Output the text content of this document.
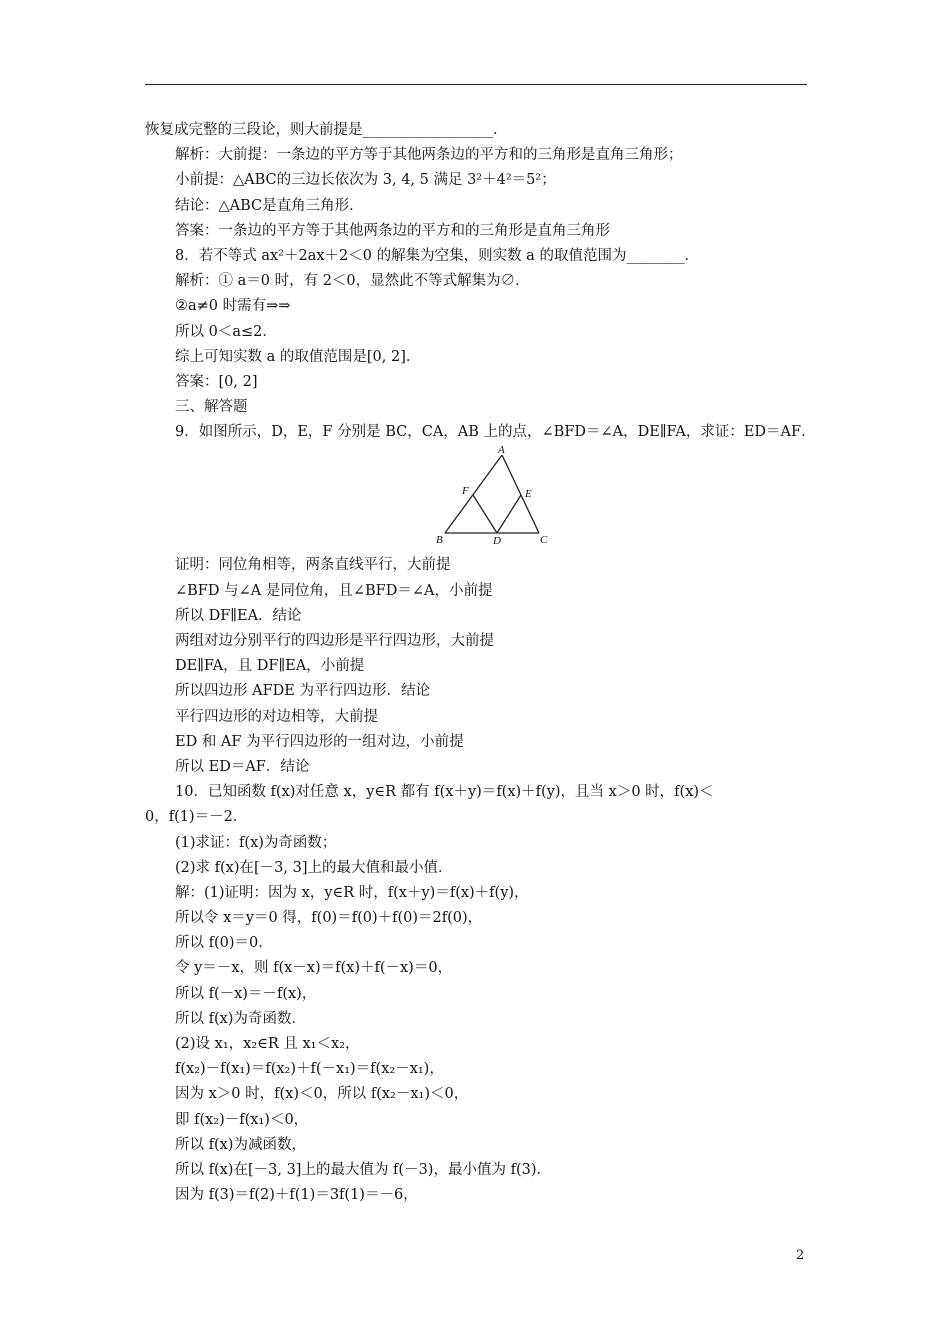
恢复成完整的三段论，则大前提是__________________．
解析：大前提：一条边的平方等于其他两条边的平方和的三角形是直角三角形；
小前提：△ABC的三边长依次为 3, 4, 5 满足 3²＋4²＝5²；
结论：△ABC是直角三角形．
答案：一条边的平方等于其他两条边的平方和的三角形是直角三角形
8．若不等式 ax²＋2ax＋2＜0 的解集为空集，则实数 a 的取值范围为________．
解析：① a＝0 时，有 2＜0，显然此不等式解集为∅．
②a≠0 时需有⇒⇒
所以 0＜a≤2．
综上可知实数 a 的取值范围是[0, 2]．
答案：[0, 2]
三、解答题
9．如图所示，D，E，F 分别是 BC，CA，AB 上的点，∠BFD＝∠A，DE∥FA，求证：ED＝AF．
A
B	C
D
E
F
证明：同位角相等，两条直线平行，大前提
∠BFD 与∠A 是同位角，且∠BFD＝∠A，小前提
所以 DF∥EA．结论
两组对边分别平行的四边形是平行四边形，大前提
DE∥FA，且 DF∥EA，小前提
所以四边形 AFDE 为平行四边形．结论
平行四边形的对边相等，大前提
ED 和 AF 为平行四边形的一组对边，小前提
所以 ED＝AF．结论
10．已知函数 f(x)对任意 x，y∈R 都有 f(x＋y)＝f(x)＋f(y)，且当 x＞0 时，f(x)＜
0，f(1)＝－2．
(1)求证：f(x)为奇函数；
(2)求 f(x)在[－3, 3]上的最大值和最小值．
解：(1)证明：因为 x，y∈R 时，f(x＋y)＝f(x)＋f(y)，
所以令 x＝y＝0 得，f(0)＝f(0)＋f(0)＝2f(0)，
所以 f(0)＝0．
令 y＝－x，则 f(x－x)＝f(x)＋f(－x)＝0，
所以 f(－x)＝－f(x)，
所以 f(x)为奇函数．
(2)设 x₁，x₂∈R 且 x₁＜x₂，
f(x₂)－f(x₁)＝f(x₂)＋f(－x₁)＝f(x₂－x₁)，
因为 x＞0 时，f(x)＜0，所以 f(x₂－x₁)＜0，
即 f(x₂)－f(x₁)＜0，
所以 f(x)为减函数，
所以 f(x)在[－3, 3]上的最大值为 f(－3)，最小值为 f(3)．
因为 f(3)＝f(2)＋f(1)＝3f(1)＝－6，
2
